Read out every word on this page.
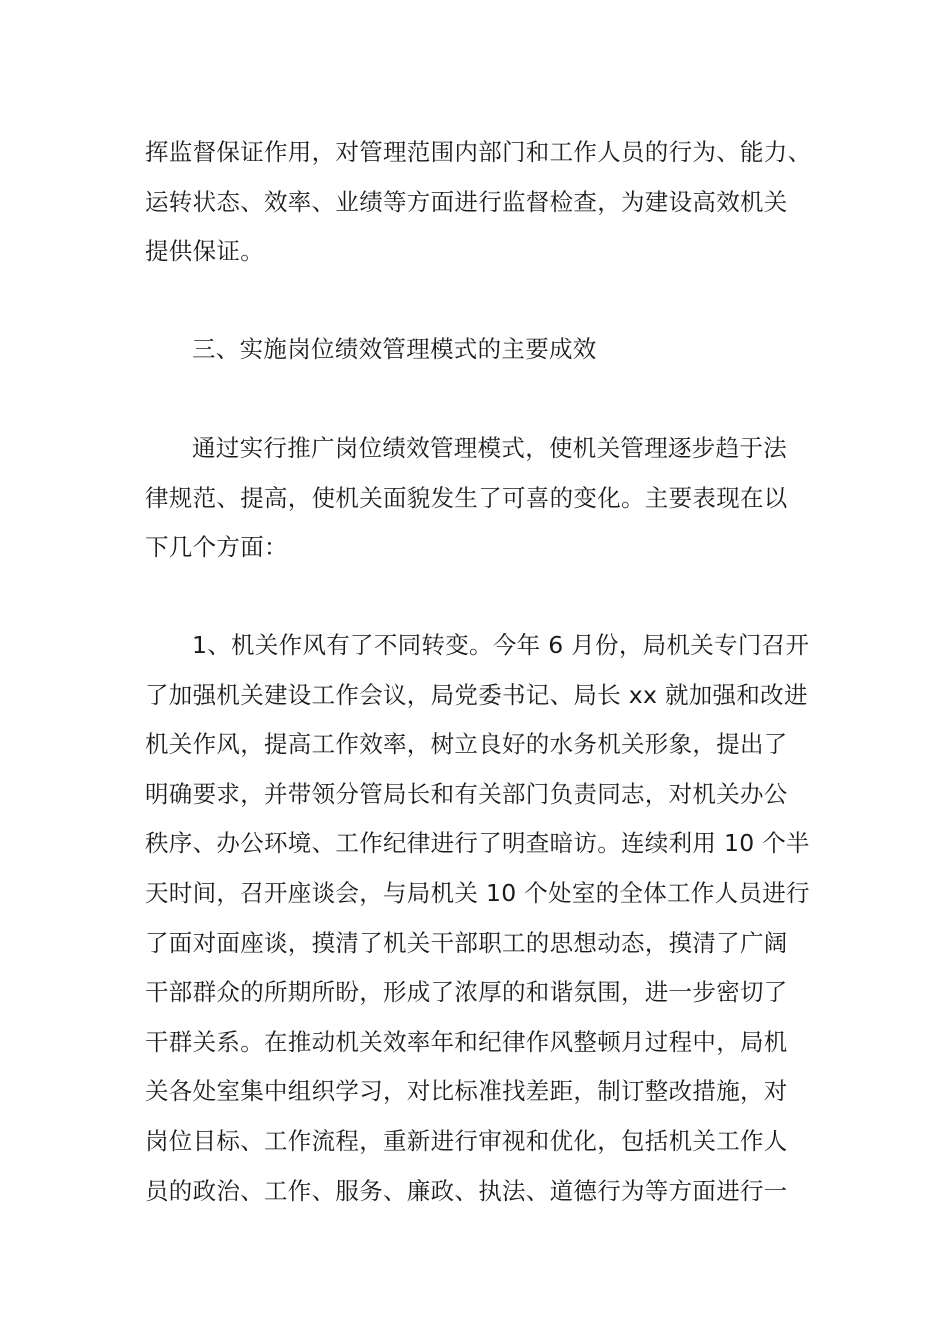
挥监督保证作用，对管理范围内部门和工作人员的行为、能力、
运转状态、效率、业绩等方面进行监督检查，为建设高效机关
提供保证。

三、实施岗位绩效管理模式的主要成效

通过实行推广岗位绩效管理模式，使机关管理逐步趋于法
律规范、提高，使机关面貌发生了可喜的变化。主要表现在以
下几个方面：

1、机关作风有了不同转变。今年 6 月份，局机关专门召开
了加强机关建设工作会议，局党委书记、局长 xx 就加强和改进
机关作风，提高工作效率，树立良好的水务机关形象，提出了
明确要求，并带领分管局长和有关部门负责同志，对机关办公
秩序、办公环境、工作纪律进行了明查暗访。连续利用 10 个半
天时间，召开座谈会，与局机关 10 个处室的全体工作人员进行
了面对面座谈，摸清了机关干部职工的思想动态，摸清了广阔
干部群众的所期所盼，形成了浓厚的和谐氛围，进一步密切了
干群关系。在推动机关效率年和纪律作风整顿月过程中，局机
关各处室集中组织学习，对比标准找差距，制订整改措施，对
岗位目标、工作流程，重新进行审视和优化，包括机关工作人
员的政治、工作、服务、廉政、执法、道德行为等方面进行一
